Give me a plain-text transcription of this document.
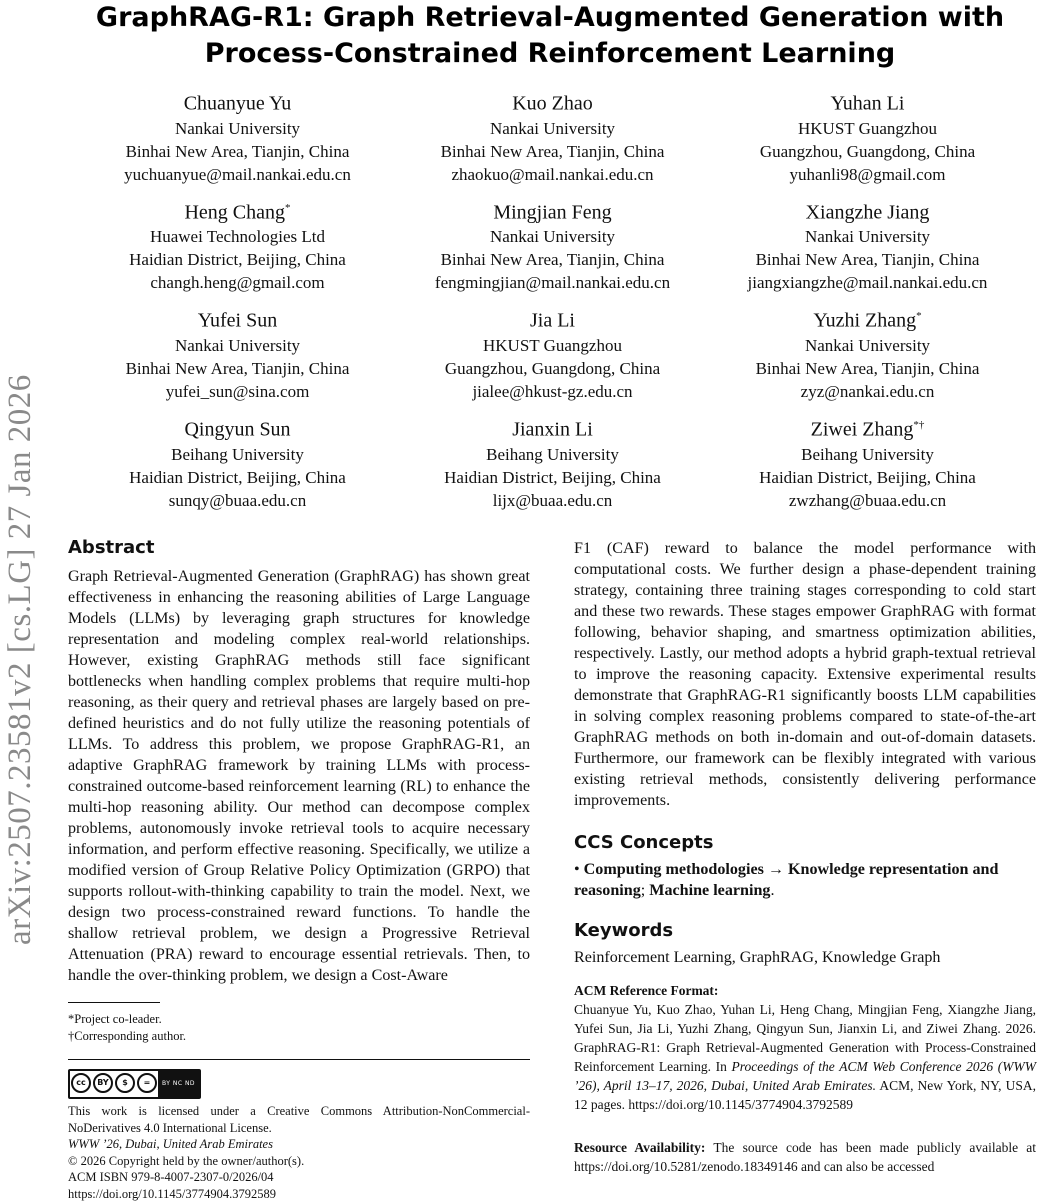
GraphRAG-R1: Graph Retrieval-Augmented Generation with
Process-Constrained Reinforcement Learning
arXiv:2507.23581v2 [cs.LG] 27 Jan 2026
Chuanyue Yu
Nankai University
Binhai New Area, Tianjin, China
yuchuanyue@mail.nankai.edu.cn
Kuo Zhao
Nankai University
Binhai New Area, Tianjin, China
zhaokuo@mail.nankai.edu.cn
Yuhan Li
HKUST Guangzhou
Guangzhou, Guangdong, China
yuhanli98@gmail.com
Heng Chang*
Huawei Technologies Ltd
Haidian District, Beijing, China
changh.heng@gmail.com
Mingjian Feng
Nankai University
Binhai New Area, Tianjin, China
fengmingjian@mail.nankai.edu.cn
Xiangzhe Jiang
Nankai University
Binhai New Area, Tianjin, China
jiangxiangzhe@mail.nankai.edu.cn
Yufei Sun
Nankai University
Binhai New Area, Tianjin, China
yufei_sun@sina.com
Jia Li
HKUST Guangzhou
Guangzhou, Guangdong, China
jialee@hkust-gz.edu.cn
Yuzhi Zhang*
Nankai University
Binhai New Area, Tianjin, China
zyz@nankai.edu.cn
Qingyun Sun
Beihang University
Haidian District, Beijing, China
sunqy@buaa.edu.cn
Jianxin Li
Beihang University
Haidian District, Beijing, China
lijx@buaa.edu.cn
Ziwei Zhang*†
Beihang University
Haidian District, Beijing, China
zwzhang@buaa.edu.cn
Abstract

Graph Retrieval-Augmented Generation (GraphRAG) has shown great effectiveness in enhancing the reasoning abilities of Large Language Models (LLMs) by leveraging graph structures for knowledge representation and modeling complex real-world relationships. However, existing GraphRAG methods still face significant bottlenecks when handling complex problems that require multi-hop reasoning, as their query and retrieval phases are largely based on pre-defined heuristics and do not fully utilize the reasoning potentials of LLMs. To address this problem, we propose GraphRAG-R1, an adaptive GraphRAG framework by training LLMs with process-constrained outcome-based reinforcement learning (RL) to enhance the multi-hop reasoning ability. Our method can decompose complex problems, autonomously invoke retrieval tools to acquire necessary information, and perform effective reasoning. Specifically, we utilize a modified version of Group Relative Policy Optimization (GRPO) that supports rollout-with-thinking capability to train the model. Next, we design two process-constrained reward functions. To handle the shallow retrieval problem, we design a Progressive Retrieval Attenuation (PRA) reward to encourage essential retrievals. Then, to handle the over-thinking problem, we design a Cost-Aware

*Project co-leader.
†Corresponding author.
cc	BY	$	=	BY NC ND
This work is licensed under a Creative Commons Attribution-NonCommercial-NoDerivatives 4.0 International License.
WWW ’26, Dubai, United Arab Emirates
© 2026 Copyright held by the owner/author(s).
ACM ISBN 979-8-4007-2307-0/2026/04
https://doi.org/10.1145/3774904.3792589

F1 (CAF) reward to balance the model performance with computational costs. We further design a phase-dependent training strategy, containing three training stages corresponding to cold start and these two rewards. These stages empower GraphRAG with format following, behavior shaping, and smartness optimization abilities, respectively. Lastly, our method adopts a hybrid graph-textual retrieval to improve the reasoning capacity. Extensive experimental results demonstrate that GraphRAG-R1 significantly boosts LLM capabilities in solving complex reasoning problems compared to state-of-the-art GraphRAG methods on both in-domain and out-of-domain datasets. Furthermore, our framework can be flexibly integrated with various existing retrieval methods, consistently delivering performance improvements.

CCS Concepts

• Computing methodologies → Knowledge representation and reasoning; Machine learning.

Keywords

Reinforcement Learning, GraphRAG, Knowledge Graph

ACM Reference Format:

Chuanyue Yu, Kuo Zhao, Yuhan Li, Heng Chang, Mingjian Feng, Xiangzhe Jiang, Yufei Sun, Jia Li, Yuzhi Zhang, Qingyun Sun, Jianxin Li, and Ziwei Zhang. 2026. GraphRAG-R1: Graph Retrieval-Augmented Generation with Process-Constrained Reinforcement Learning. In Proceedings of the ACM Web Conference 2026 (WWW ’26), April 13–17, 2026, Dubai, United Arab Emirates. ACM, New York, NY, USA, 12 pages. https://doi.org/10.1145/3774904.3792589

Resource Availability: The source code has been made publicly available at https://doi.org/10.5281/zenodo.18349146 and can also be accessed
